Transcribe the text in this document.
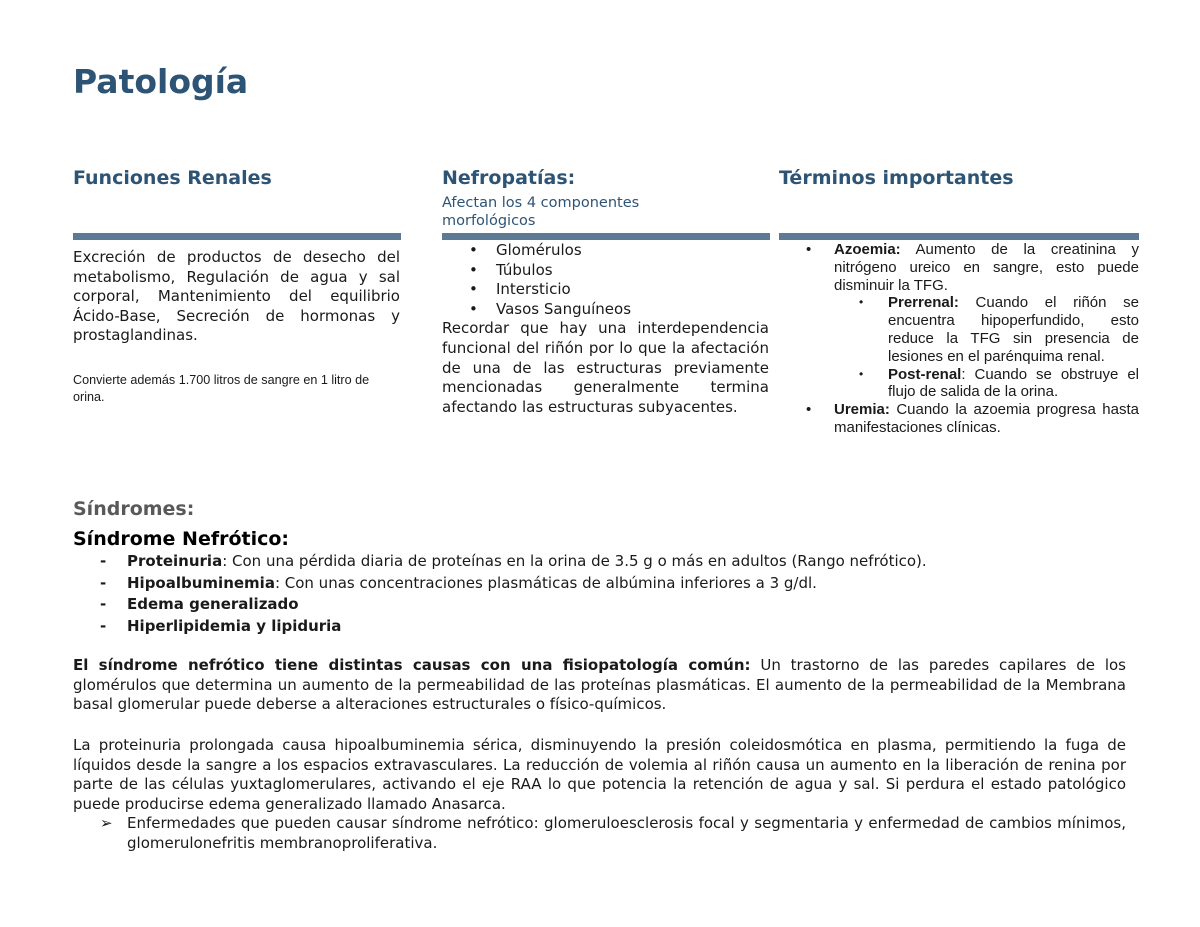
Patología
Funciones Renales	Nefropatías:
Afectan los 4 componentes morfológicos
Términos importantes
Excreción de productos de desecho del metabolismo, Regulación de agua y sal corporal, Mantenimiento del equilibrio Ácido-Base, Secreción de hormonas y prostaglandinas.
Convierte además 1.700 litros de sangre en 1 litro de orina.
• Glomérulos
• Túbulos
• Intersticio
• Vasos Sanguíneos
Recordar que hay una interdependencia funcional del riñón por lo que la afectación de una de las estructuras previamente mencionadas generalmente termina afectando las estructuras subyacentes.
• Azoemia: Aumento de la creatinina y nitrógeno ureico en sangre, esto puede disminuir la TFG.
• Prerrenal: Cuando el riñón se encuentra hipoperfundido, esto reduce la TFG sin presencia de lesiones en el parénquima renal.
• Post-renal: Cuando se obstruye el flujo de salida de la orina.
• Uremia: Cuando la azoemia progresa hasta manifestaciones clínicas.
Síndromes:
Síndrome Nefrótico:
- Proteinuria: Con una pérdida diaria de proteínas en la orina de 3.5 g o más en adultos (Rango nefrótico).
- Hipoalbuminemia: Con unas concentraciones plasmáticas de albúmina inferiores a 3 g/dl.
- Edema generalizado
- Hiperlipidemia y lipiduria
El síndrome nefrótico tiene distintas causas con una fisiopatología común: Un trastorno de las paredes capilares de los glomérulos que determina un aumento de la permeabilidad de las proteínas plasmáticas. El aumento de la permeabilidad de la Membrana basal glomerular puede deberse a alteraciones estructurales o físico-químicos.
La proteinuria prolongada causa hipoalbuminemia sérica, disminuyendo la presión coleidosmótica en plasma, permitiendo la fuga de líquidos desde la sangre a los espacios extravasculares. La reducción de volemia al riñón causa un aumento en la liberación de renina por parte de las células yuxtaglomerulares, activando el eje RAA lo que potencia la retención de agua y sal. Si perdura el estado patológico puede producirse edema generalizado llamado Anasarca.
➢ Enfermedades que pueden causar síndrome nefrótico: glomeruloesclerosis focal y segmentaria y enfermedad de cambios mínimos, glomerulonefritis membranoproliferativa.
